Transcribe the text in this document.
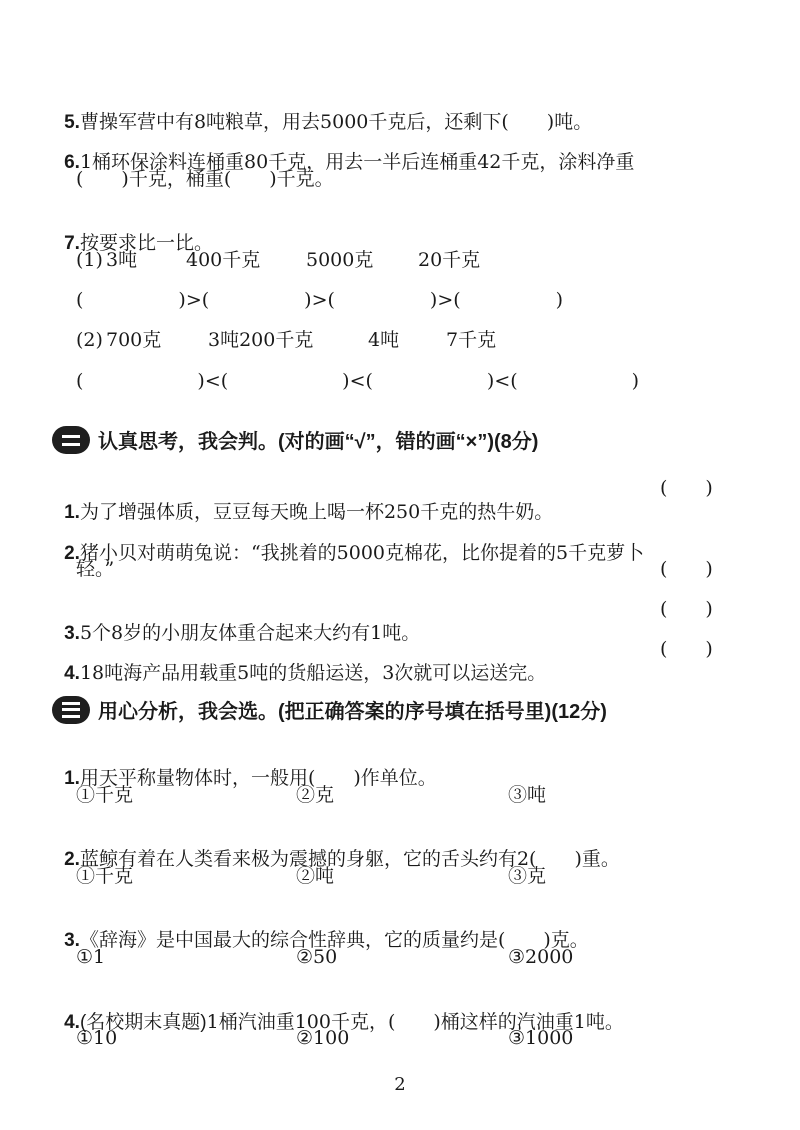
5.曹操军营中有8吨粮草，用去5000千克后，还剩下(　　)吨。

6.1桶环保涂料连桶重80千克，用去一半后连桶重42千克，涂料净重

(　　)千克，桶重(　　)千克。

7.按要求比一比。

(1) 3吨	400千克 5000克 20千克
(　　　　　)>(　　　　　)>(　　　　　)>(　　　　　)
(2) 700克 3吨200千克	4吨 7千克
(　　　　　　)<(　　　　　　)<(　　　　　　)<(　　　　　　)
认真思考，我会判。(对的画“√”，错的画“×”)(8分)

1.为了增强体质，豆豆每天晚上喝一杯250千克的热牛奶。

(　　)

2.猪小贝对萌萌兔说：“我挑着的5000克棉花，比你提着的5千克萝卜

轻。”	(　　)

3.5个8岁的小朋友体重合起来大约有1吨。

(　　)

4.18吨海产品用载重5吨的货船运送，3次就可以运送完。

(　　)
用心分析，我会选。(把正确答案的序号填在括号里)(12分)

1.用天平称量物体时，一般用(　　)作单位。

①千克	②克	③吨

2.蓝鲸有着在人类看来极为震撼的身躯，它的舌头约有2(　　)重。

①千克	②吨	③克

3.《辞海》是中国最大的综合性辞典，它的质量约是(　　)克。

①1	②50	③2000

4.(名校期末真题)1桶汽油重100千克，(　　)桶这样的汽油重1吨。

①10	②100	③1000
2
